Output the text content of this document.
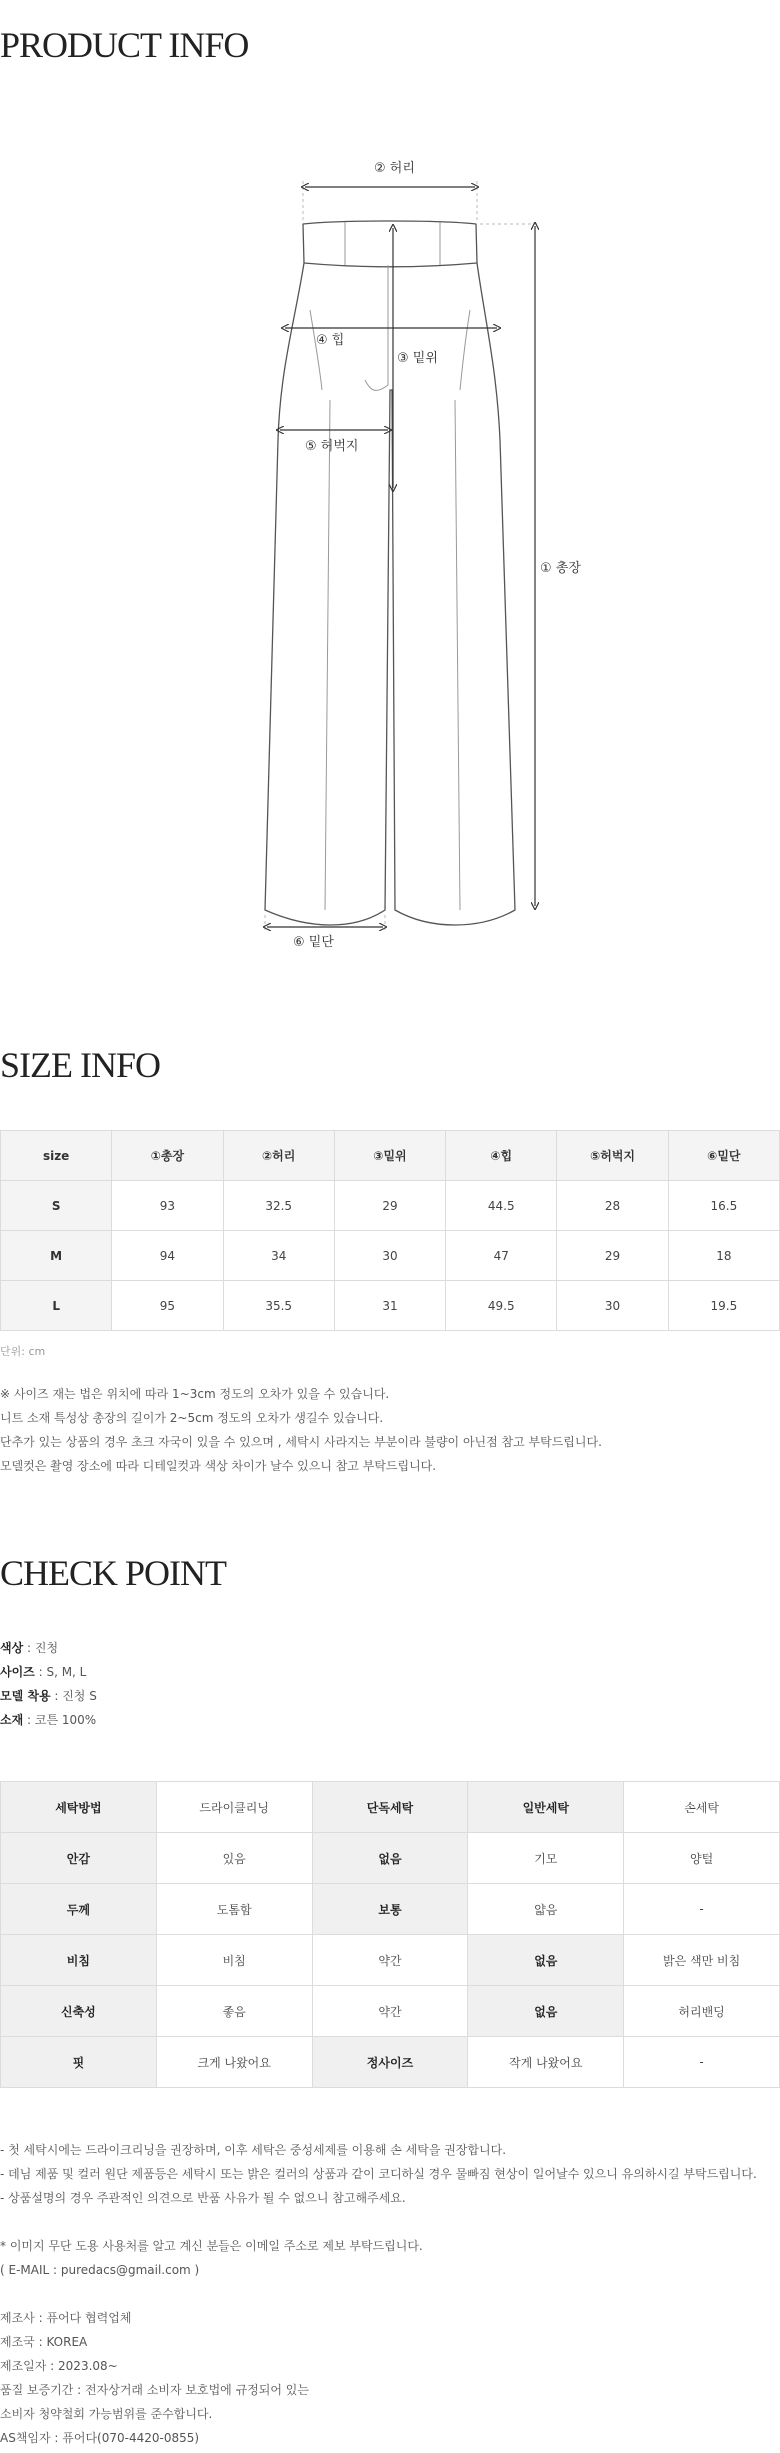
PRODUCT INFO
② 허리
④ 힙
③ 밑위
⑤ 허벅지
① 총장
⑥ 밑단
SIZE INFO
size	①총장	②허리	③밑위	④힙	⑤허벅지	⑥밑단
S	93	32.5	29	44.5	28	16.5
M	94	34	30	47	29	18
L	95	35.5	31	49.5	30	19.5
단위: cm
※ 사이즈 재는 법은 위치에 따라 1~3cm 정도의 오차가 있을 수 있습니다.
니트 소재 특성상 총장의 길이가 2~5cm 정도의 오차가 생길수 있습니다.
단추가 있는 상품의 경우 초크 자국이 있을 수 있으며 , 세탁시 사라지는 부분이라 불량이 아닌점 참고 부탁드립니다.
모델컷은 촬영 장소에 따라 디테일컷과 색상 차이가 날수 있으니 참고 부탁드립니다.
CHECK POINT
색상 : 진청
사이즈 : S, M, L
모델 착용 : 진청 S
소재 : 코튼 100%
세탁방법	드라이클리닝	단독세탁	일반세탁	손세탁
안감	있음	없음	기모	양털
두께	도톰함	보통	얇음	-
비침	비침	약간	없음	밝은 색만 비침
신축성	좋음	약간	없음	허리밴딩
핏	크게 나왔어요	정사이즈	작게 나왔어요	-
- 첫 세탁시에는 드라이크리닝을 권장하며, 이후 세탁은 중성세제를 이용해 손 세탁을 권장합니다.
- 데님 제품 및 컬러 원단 제품등은 세탁시 또는 밝은 컬러의 상품과 같이 코디하실 경우 물빠짐 현상이 일어날수 있으니 유의하시길 부탁드립니다.
- 상품설명의 경우 주관적인 의견으로 반품 사유가 될 수 없으니 참고해주세요.
* 이미지 무단 도용 사용처를 알고 계신 분들은 이메일 주소로 제보 부탁드립니다.
( E-MAIL : puredacs@gmail.com )
제조사 : 퓨어다 협력업체
제조국 : KOREA
제조일자 : 2023.08~
품질 보증기간 : 전자상거래 소비자 보호법에 규정되어 있는
소비자 청약철회 가능범위를 준수합니다.
AS책임자 : 퓨어다(070-4420-0855)
